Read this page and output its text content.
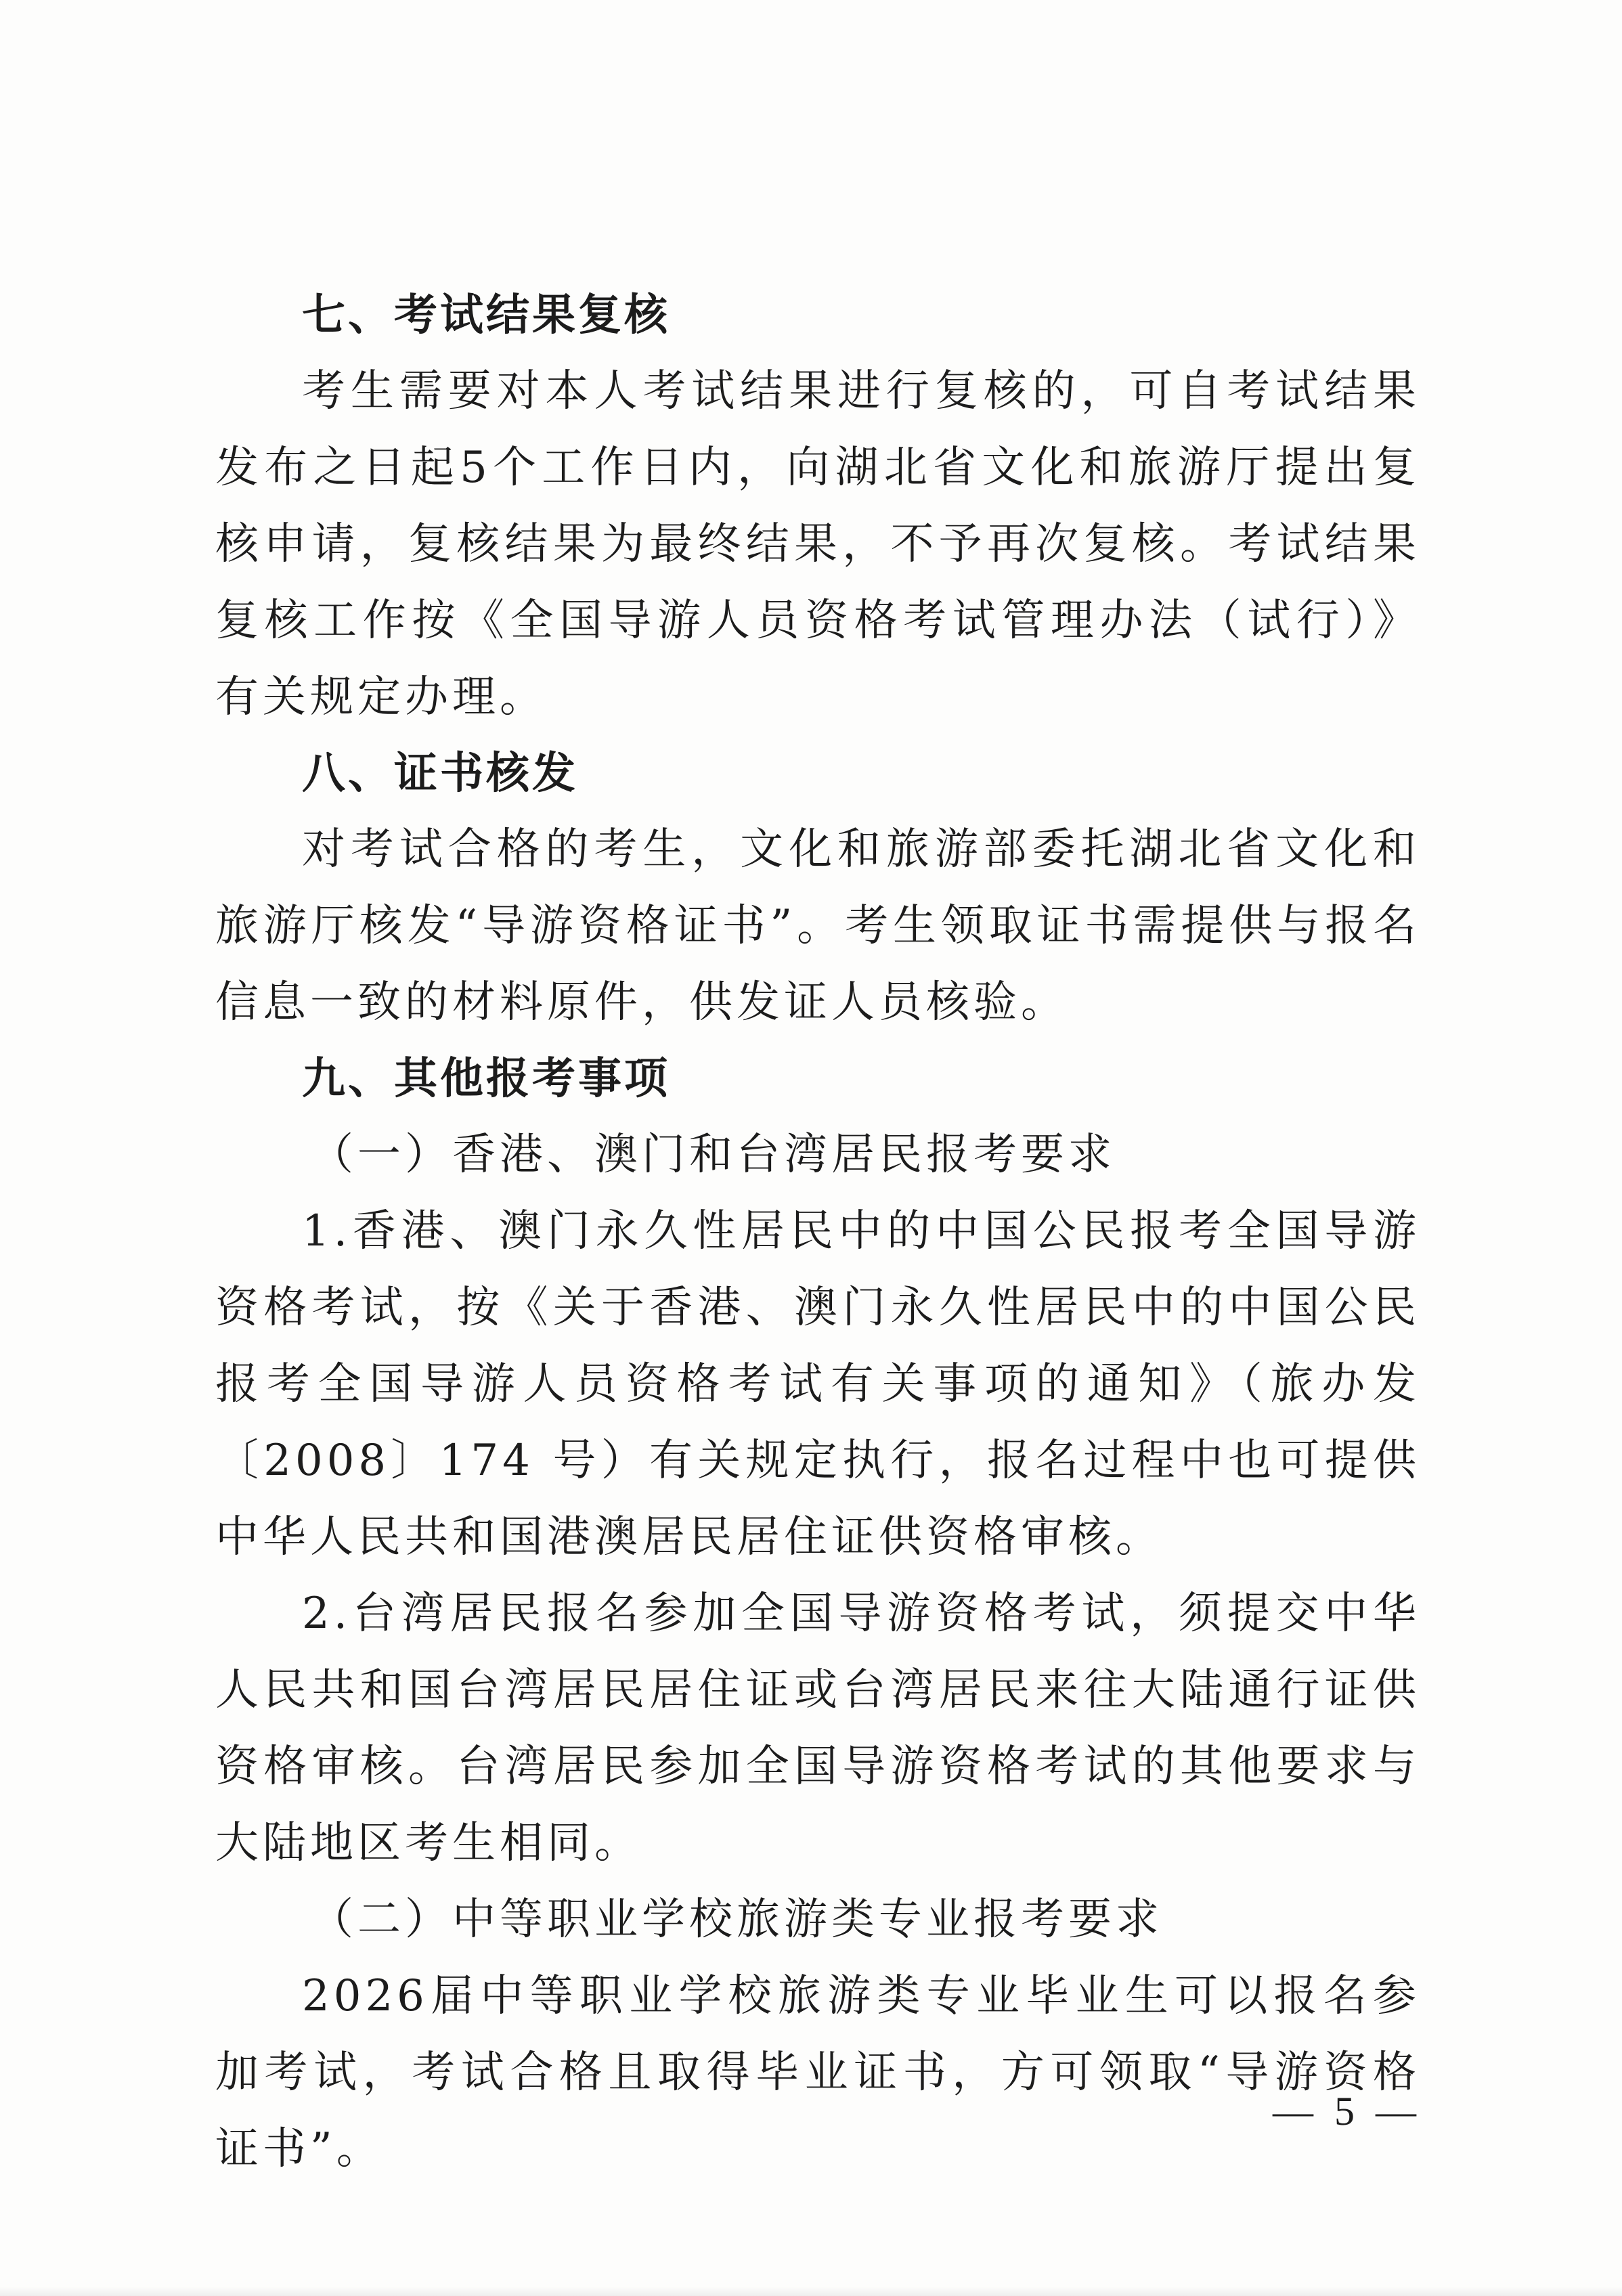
七、考试结果复核

考生需要对本人考试结果进行复核的，可自考试结果发布之日起5个工作日内，向湖北省文化和旅游厅提出复核申请，复核结果为最终结果，不予再次复核。考试结果复核工作按《全国导游人员资格考试管理办法（试行）》有关规定办理。

八、证书核发

对考试合格的考生，文化和旅游部委托湖北省文化和旅游厅核发“导游资格证书”。考生领取证书需提供与报名信息一致的材料原件，供发证人员核验。

九、其他报考事项

（一）香港、澳门和台湾居民报考要求

1.香港、澳门永久性居民中的中国公民报考全国导游资格考试，按《关于香港、澳门永久性居民中的中国公民报考全国导游人员资格考试有关事项的通知》（旅办发〔2008〕174 号）有关规定执行，报名过程中也可提供中华人民共和国港澳居民居住证供资格审核。

2.台湾居民报名参加全国导游资格考试，须提交中华人民共和国台湾居民居住证或台湾居民来往大陆通行证供资格审核。台湾居民参加全国导游资格考试的其他要求与大陆地区考生相同。

（二）中等职业学校旅游类专业报考要求

2026届中等职业学校旅游类专业毕业生可以报名参加考试，考试合格且取得毕业证书，方可领取“导游资格证书”。

— 5 —
